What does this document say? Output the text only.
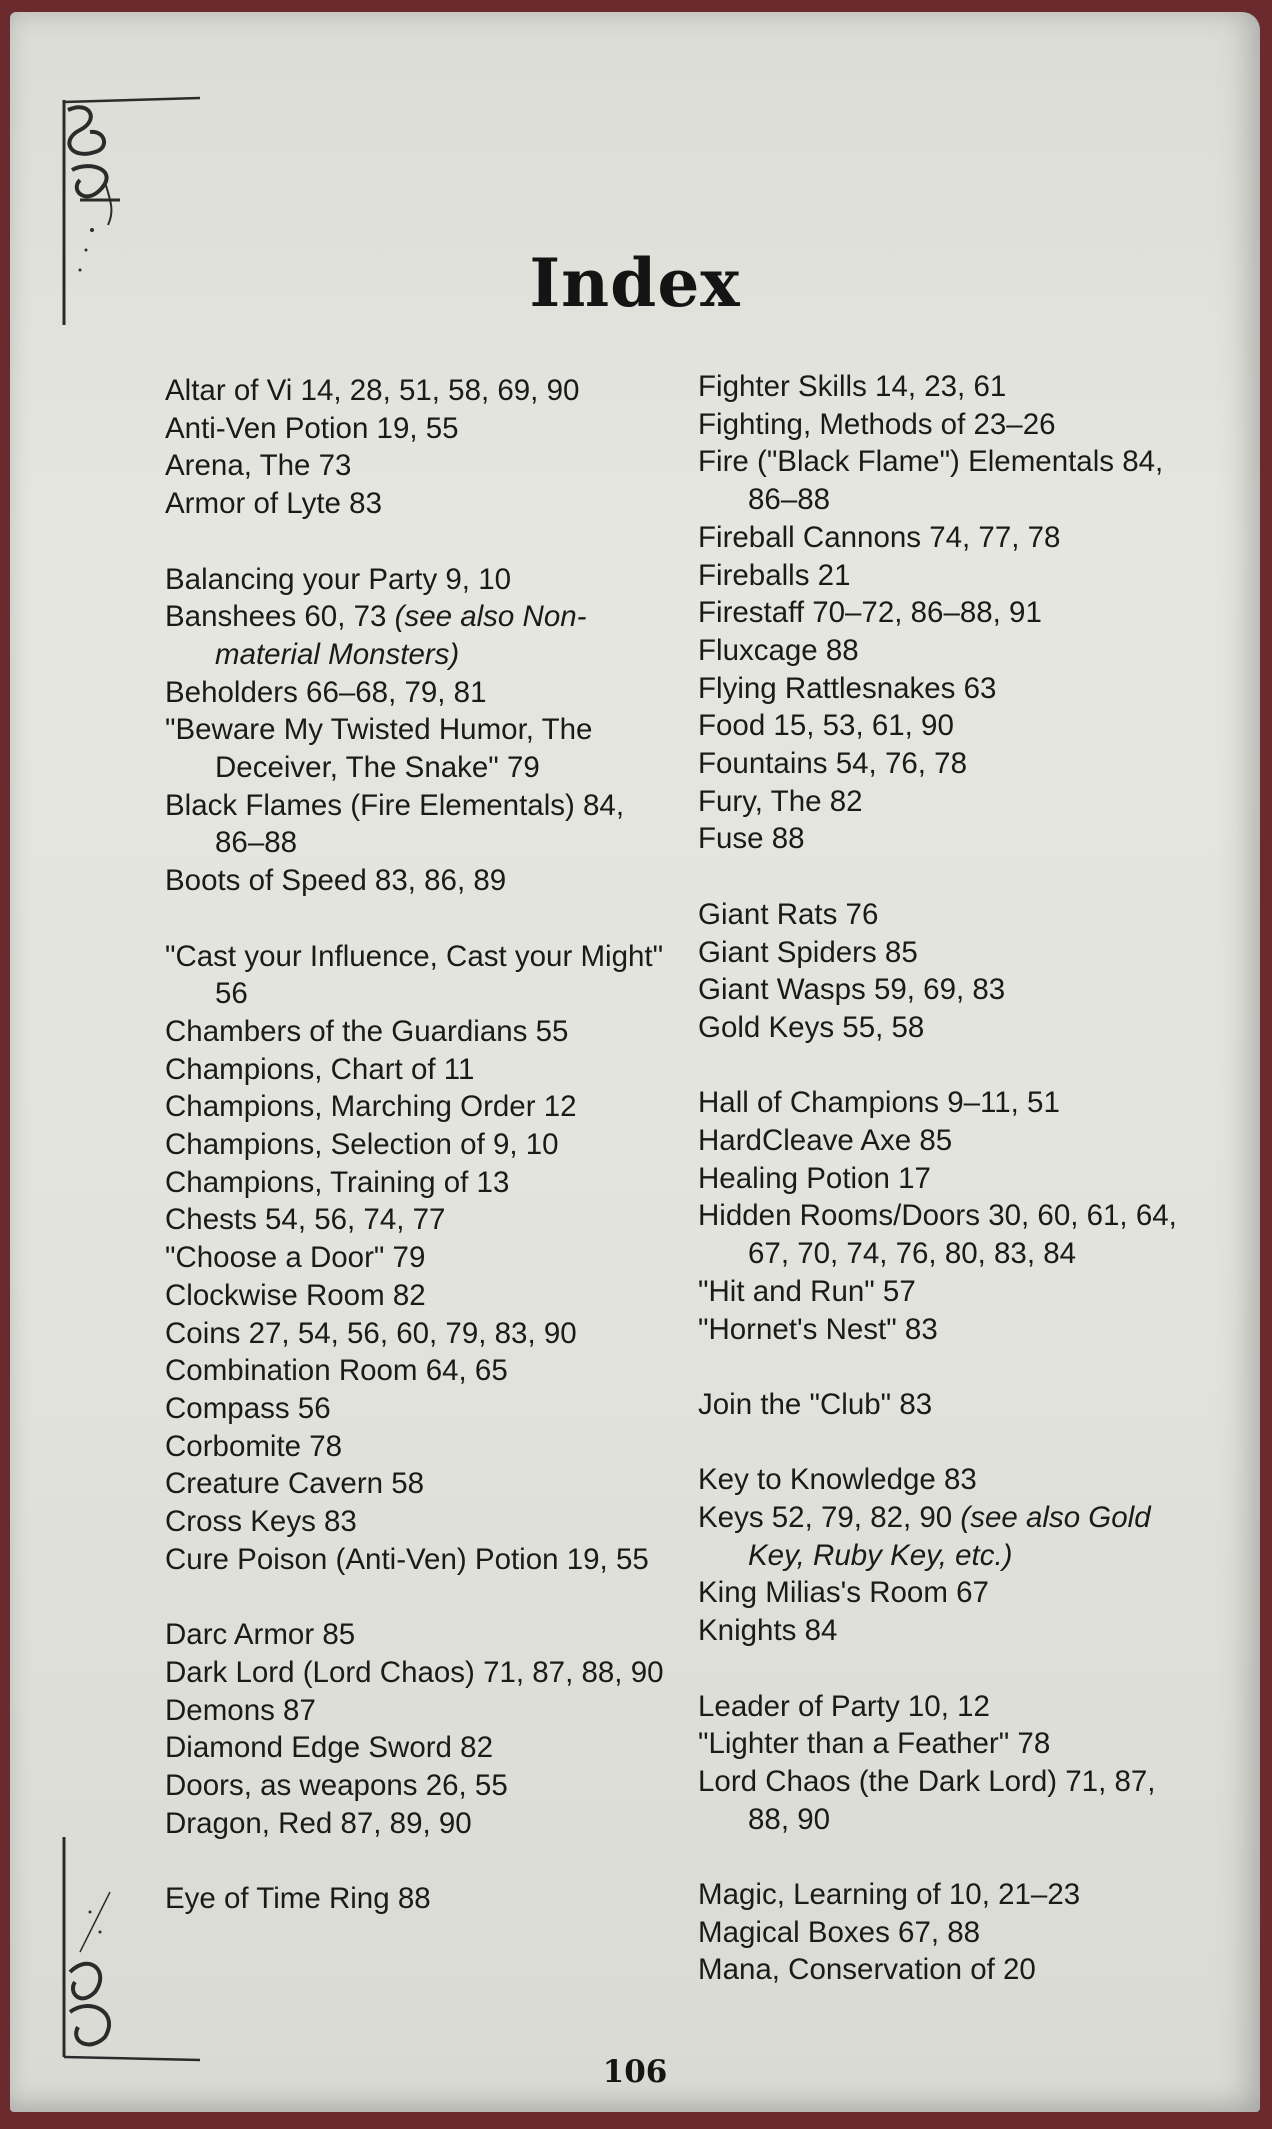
Index
Altar of Vi 14, 28, 51, 58, 69, 90
Anti-Ven Potion 19, 55
Arena, The 73
Armor of Lyte 83
Balancing your Party 9, 10
Banshees 60, 73 (see also Non-material Monsters)
Beholders 66–68, 79, 81
"Beware My Twisted Humor, The Deceiver, The Snake" 79
Black Flames (Fire Elementals) 84, 86–88
Boots of Speed 83, 86, 89
"Cast your Influence, Cast your Might" 56
Chambers of the Guardians 55
Champions, Chart of 11
Champions, Marching Order 12
Champions, Selection of 9, 10
Champions, Training of 13
Chests 54, 56, 74, 77
"Choose a Door" 79
Clockwise Room 82
Coins 27, 54, 56, 60, 79, 83, 90
Combination Room 64, 65
Compass 56
Corbomite 78
Creature Cavern 58
Cross Keys 83
Cure Poison (Anti-Ven) Potion 19, 55
Darc Armor 85
Dark Lord (Lord Chaos) 71, 87, 88, 90
Demons 87
Diamond Edge Sword 82
Doors, as weapons 26, 55
Dragon, Red 87, 89, 90
Eye of Time Ring 88
Fighter Skills 14, 23, 61
Fighting, Methods of 23–26
Fire ("Black Flame") Elementals 84, 86–88
Fireball Cannons 74, 77, 78
Fireballs 21
Firestaff 70–72, 86–88, 91
Fluxcage 88
Flying Rattlesnakes 63
Food 15, 53, 61, 90
Fountains 54, 76, 78
Fury, The 82
Fuse 88
Giant Rats 76
Giant Spiders 85
Giant Wasps 59, 69, 83
Gold Keys 55, 58
Hall of Champions 9–11, 51
HardCleave Axe 85
Healing Potion 17
Hidden Rooms/Doors 30, 60, 61, 64, 67, 70, 74, 76, 80, 83, 84
"Hit and Run" 57
"Hornet's Nest" 83
Join the "Club" 83
Key to Knowledge 83
Keys 52, 79, 82, 90 (see also Gold Key, Ruby Key, etc.)
King Milias's Room 67
Knights 84
Leader of Party 10, 12
"Lighter than a Feather" 78
Lord Chaos (the Dark Lord) 71, 87, 88, 90
Magic, Learning of 10, 21–23
Magical Boxes 67, 88
Mana, Conservation of 20
106
